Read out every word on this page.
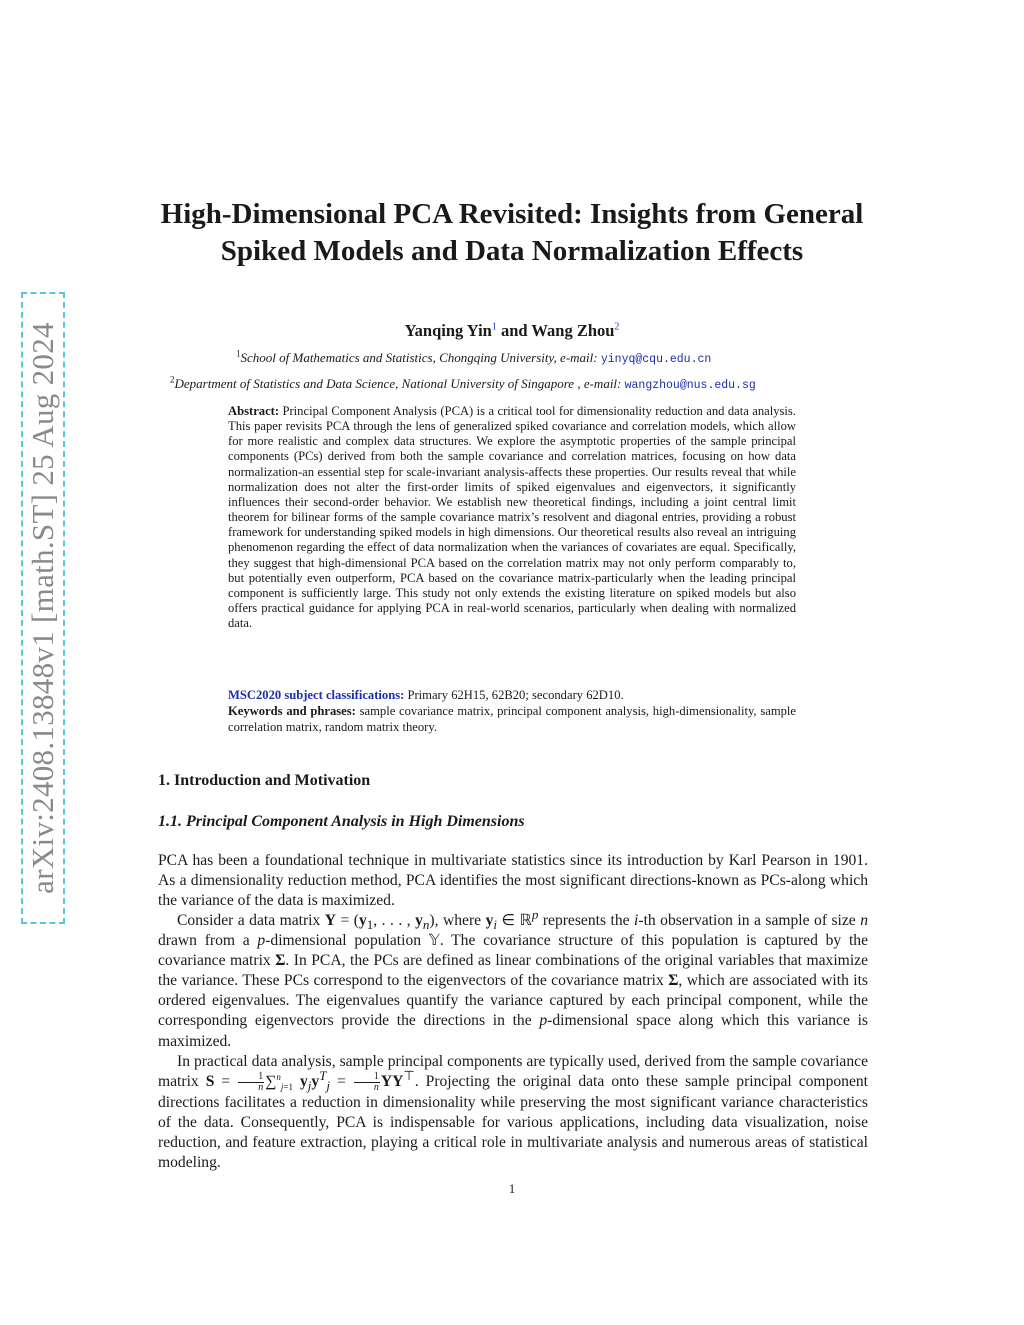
arXiv:2408.13848v1 [math.ST] 25 Aug 2024
High-Dimensional PCA Revisited: Insights from General Spiked Models and Data Normalization Effects
Yanqing Yin$^1$ and Wang Zhou$^2$
$^1$School of Mathematics and Statistics, Chongqing University, e-mail: yinyq@cqu.edu.cn
$^2$Department of Statistics and Data Science, National University of Singapore , e-mail: wangzhou@nus.edu.sg
Abstract: Principal Component Analysis (PCA) is a critical tool for dimensionality reduction and data analysis. This paper revisits PCA through the lens of generalized spiked covariance and correlation models, which allow for more realistic and complex data structures. We explore the asymptotic properties of the sample principal components (PCs) derived from both the sample covariance and correlation matrices, focusing on how data normalization-an essential step for scale-invariant analysis-affects these properties. Our results reveal that while normalization does not alter the first-order limits of spiked eigenvalues and eigenvectors, it significantly influences their second-order behavior. We establish new theoretical findings, including a joint central limit theorem for bilinear forms of the sample covariance matrix’s resolvent and diagonal entries, providing a robust framework for understanding spiked models in high dimensions. Our theoretical results also reveal an intriguing phenomenon regarding the effect of data normalization when the variances of covariates are equal. Specifically, they suggest that high-dimensional PCA based on the correlation matrix may not only perform comparably to, but potentially even outperform, PCA based on the covariance matrix-particularly when the leading principal component is sufficiently large. This study not only extends the existing literature on spiked models but also offers practical guidance for applying PCA in real-world scenarios, particularly when dealing with normalized data.
MSC2020 subject classifications: Primary 62H15, 62B20; secondary 62D10.
Keywords and phrases: sample covariance matrix, principal component analysis, high-dimensionality, sample correlation matrix, random matrix theory.
1. Introduction and Motivation
1.1. Principal Component Analysis in High Dimensions
PCA has been a foundational technique in multivariate statistics since its introduction by Karl Pearson in 1901. As a dimensionality reduction method, PCA identifies the most significant directions-known as PCs-along which the variance of the data is maximized.
Consider a data matrix $Y = (y_1$, . . . , $y_n$), where $y_i$ ∈ ℝ$^p$ represents the i-th observation in a sample of size n drawn from a p-dimensional population 𝕐. The covariance structure of this population is captured by the covariance matrix Σ. In PCA, the PCs are defined as linear combinations of the original variables that maximize the variance. These PCs correspond to the eigenvectors of the covariance matrix Σ, which are associated with its ordered eigenvalues. The eigenvalues quantify the variance captured by each principal component, while the corresponding eigenvectors provide the directions in the p-dimensional space along which this variance is maximized.
In practical data analysis, sample principal components are typically used, derived from the sample covariance matrix $S = \frac{1}{n} \sum^n_{j=1}$ $y_jy^T_j = \frac{1}{n} YY^⊤$. Projecting the original data onto these sample principal component directions facilitates a reduction in dimensionality while preserving the most significant variance characteristics of the data. Consequently, PCA is indispensable for various applications, including data visualization, noise reduction, and feature extraction, playing a critical role in multivariate analysis and numerous areas of statistical modeling.
1
